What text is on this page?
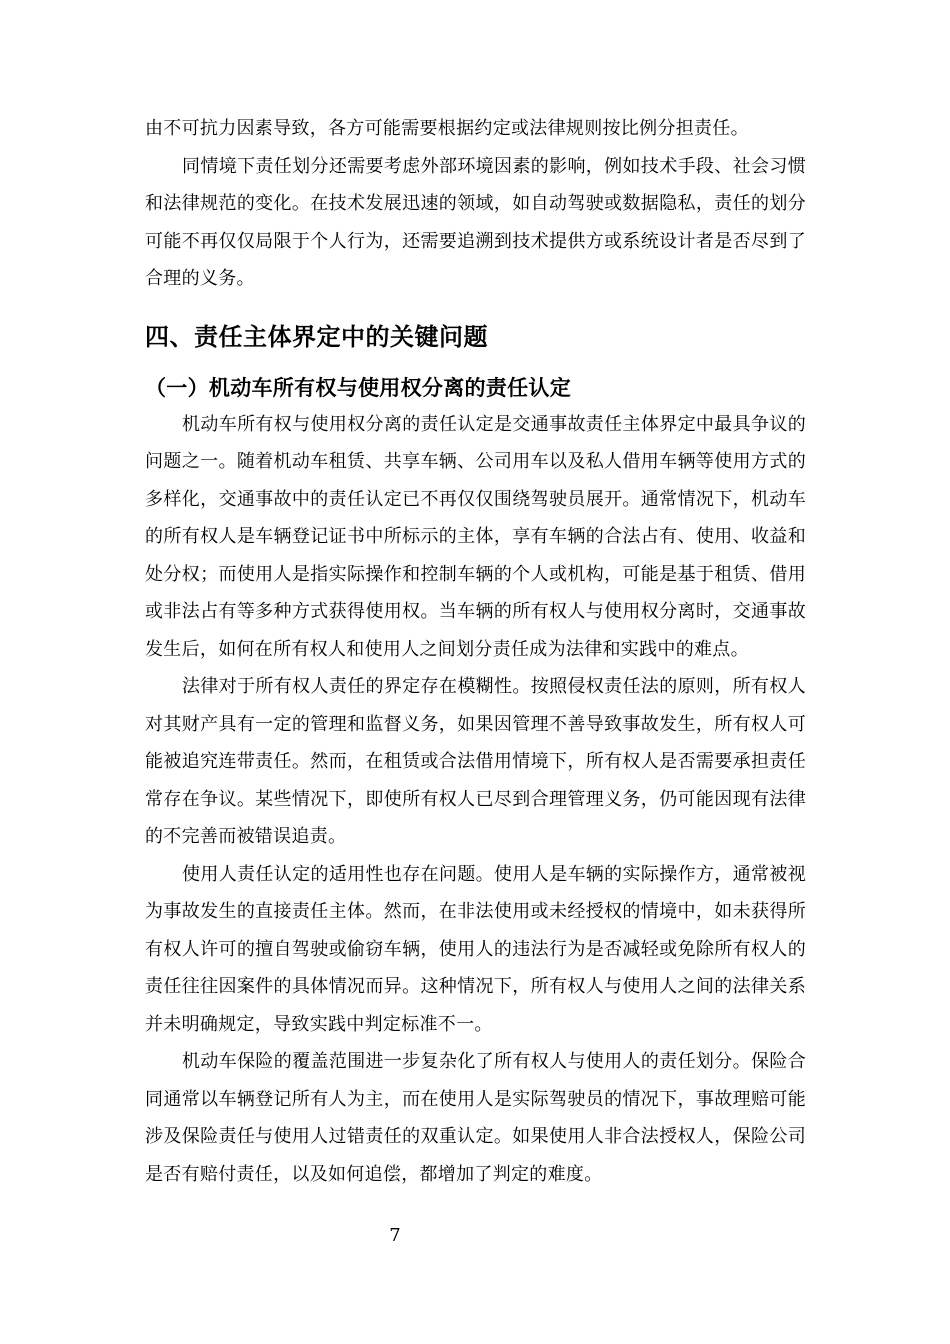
由不可抗力因素导致，各方可能需要根据约定或法律规则按比例分担责任。

同情境下责任划分还需要考虑外部环境因素的影响，例如技术手段、社会习惯和法律规范的变化。在技术发展迅速的领域，如自动驾驶或数据隐私，责任的划分可能不再仅仅局限于个人行为，还需要追溯到技术提供方或系统设计者是否尽到了合理的义务。

四、责任主体界定中的关键问题
（一）机动车所有权与使用权分离的责任认定

机动车所有权与使用权分离的责任认定是交通事故责任主体界定中最具争议的问题之一。随着机动车租赁、共享车辆、公司用车以及私人借用车辆等使用方式的多样化，交通事故中的责任认定已不再仅仅围绕驾驶员展开。通常情况下，机动车的所有权人是车辆登记证书中所标示的主体，享有车辆的合法占有、使用、收益和处分权；而使用人是指实际操作和控制车辆的个人或机构，可能是基于租赁、借用或非法占有等多种方式获得使用权。当车辆的所有权人与使用权分离时，交通事故发生后，如何在所有权人和使用人之间划分责任成为法律和实践中的难点。

法律对于所有权人责任的界定存在模糊性。按照侵权责任法的原则，所有权人对其财产具有一定的管理和监督义务，如果因管理不善导致事故发生，所有权人可能被追究连带责任。然而，在租赁或合法借用情境下，所有权人是否需要承担责任常存在争议。某些情况下，即使所有权人已尽到合理管理义务，仍可能因现有法律的不完善而被错误追责。

使用人责任认定的适用性也存在问题。使用人是车辆的实际操作方，通常被视为事故发生的直接责任主体。然而，在非法使用或未经授权的情境中，如未获得所有权人许可的擅自驾驶或偷窃车辆，使用人的违法行为是否减轻或免除所有权人的责任往往因案件的具体情况而异。这种情况下，所有权人与使用人之间的法律关系并未明确规定，导致实践中判定标准不一。

机动车保险的覆盖范围进一步复杂化了所有权人与使用人的责任划分。保险合同通常以车辆登记所有人为主，而在使用人是实际驾驶员的情况下，事故理赔可能涉及保险责任与使用人过错责任的双重认定。如果使用人非合法授权人，保险公司是否有赔付责任，以及如何追偿，都增加了判定的难度。

7
